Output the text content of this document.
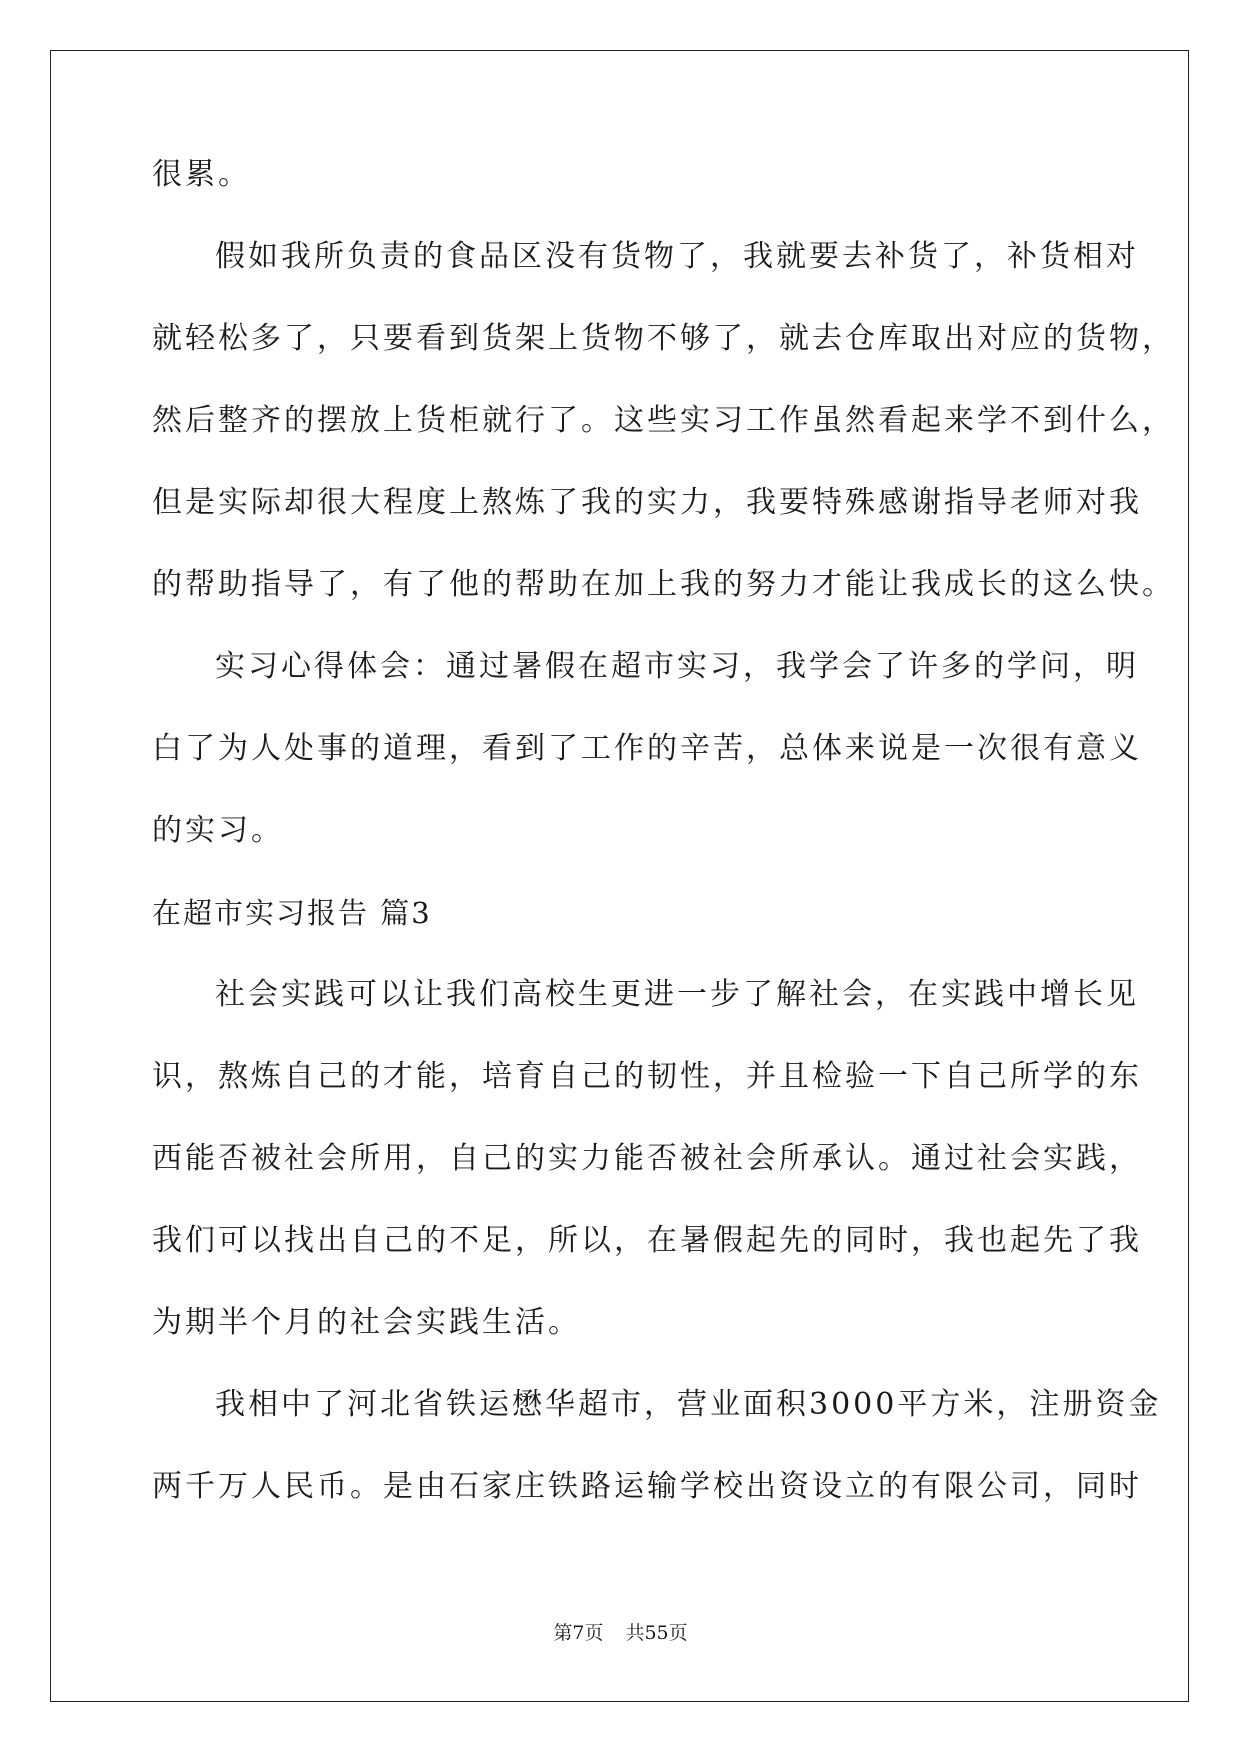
很累。
假如我所负责的食品区没有货物了，我就要去补货了，补货相对
就轻松多了，只要看到货架上货物不够了，就去仓库取出对应的货物，
然后整齐的摆放上货柜就行了。这些实习工作虽然看起来学不到什么，
但是实际却很大程度上熬炼了我的实力，我要特殊感谢指导老师对我
的帮助指导了，有了他的帮助在加上我的努力才能让我成长的这么快。
实习心得体会：通过暑假在超市实习，我学会了许多的学问，明
白了为人处事的道理，看到了工作的辛苦，总体来说是一次很有意义
的实习。
在超市实习报告 篇3
社会实践可以让我们高校生更进一步了解社会，在实践中增长见
识，熬炼自己的才能，培育自己的韧性，并且检验一下自己所学的东
西能否被社会所用，自己的实力能否被社会所承认。通过社会实践，
我们可以找出自己的不足，所以，在暑假起先的同时，我也起先了我
为期半个月的社会实践生活。
我相中了河北省铁运懋华超市，营业面积3000平方米，注册资金
两千万人民币。是由石家庄铁路运输学校出资设立的有限公司，同时
第7页 共55页
